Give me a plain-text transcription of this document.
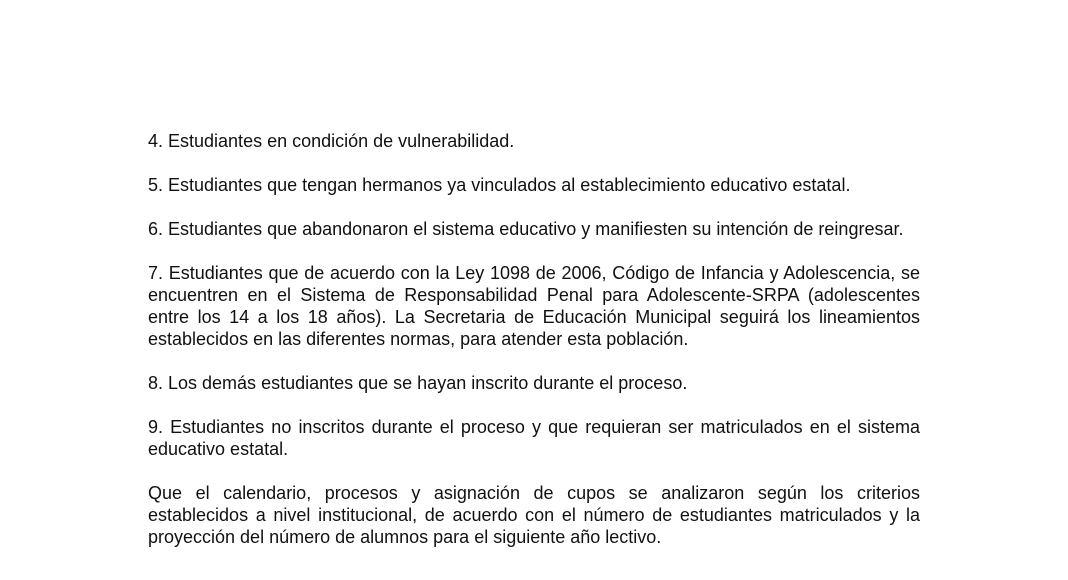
4. Estudiantes en condición de vulnerabilidad.

5. Estudiantes que tengan hermanos ya vinculados al establecimiento educativo estatal.

6. Estudiantes que abandonaron el sistema educativo y manifiesten su intención de reingresar.

7. Estudiantes que de acuerdo con la Ley 1098 de 2006, Código de Infancia y Adolescencia, se encuentren en el Sistema de Responsabilidad Penal para Adolescente-SRPA (adolescentes entre los 14 a los 18 años). La Secretaria de Educación Municipal seguirá los lineamientos establecidos en las diferentes normas, para atender esta población.

8. Los demás estudiantes que se hayan inscrito durante el proceso.

9. Estudiantes no inscritos durante el proceso y que requieran ser matriculados en el sistema educativo estatal.

Que el calendario, procesos y asignación de cupos se analizaron según los criterios establecidos a nivel institucional, de acuerdo con el número de estudiantes matriculados y la proyección del número de alumnos para el siguiente año lectivo.
